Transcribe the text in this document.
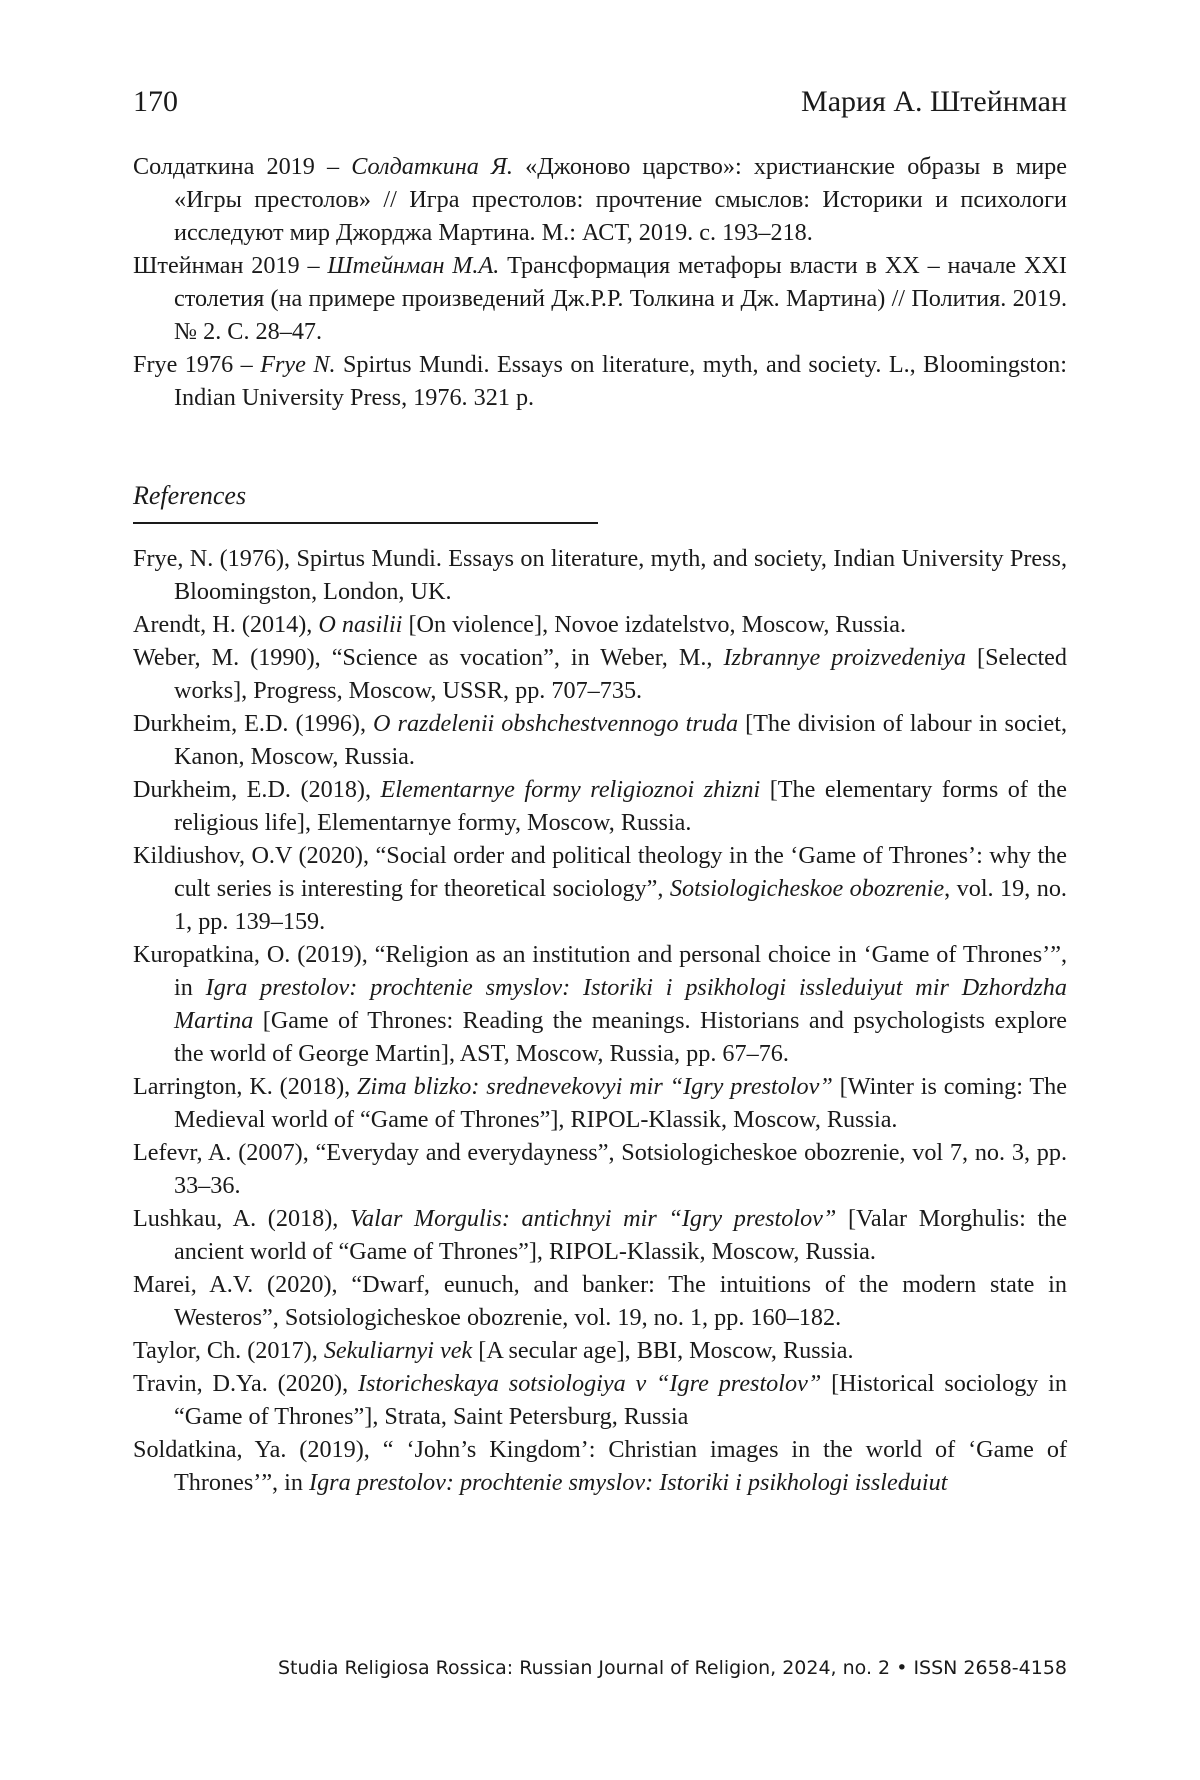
170	Мария А. Штейнман

Солдаткина 2019 – Солдаткина Я. «Джоново царство»: христианские образы в мире «Игры престолов» // Игра престолов: прочтение смыслов: Историки и психологи исследуют мир Джорджа Мартина. М.: АСТ, 2019. с. 193–218.

Штейнман 2019 – Штейнман М.А. Трансформация метафоры власти в XX – начале XXI столетия (на примере произведений Дж.Р.Р. Толкина и Дж. Мартина) // Полития. 2019. № 2. С. 28–47.

Frye 1976 – Frye N. Spirtus Mundi. Essays on literature, myth, and society. L., Bloomingston: Indian University Press, 1976. 321 p.

References

Frye, N. (1976), Spirtus Mundi. Essays on literature, myth, and society, Indian University Press, Bloomingston, London, UK.

Arendt, H. (2014), O nasilii [On violence], Novoe izdatelstvo, Moscow, Russia.

Weber, M. (1990), “Science as vocation”, in Weber, M., Izbrannye proizvedeniya [Selected works], Progress, Moscow, USSR, pp. 707–735.

Durkheim, E.D. (1996), O razdelenii obshchestvennogo truda [The division of labour in societ, Kanon, Moscow, Russia.

Durkheim, E.D. (2018), Elementarnye formy religioznoi zhizni [The elementary forms of the religious life], Elementarnye formy, Moscow, Russia.

Kildiushov, O.V (2020), “Social order and political theology in the ‘Game of Thrones’: why the cult series is interesting for theoretical sociology”, Sotsiologicheskoe obozrenie, vol. 19, no. 1, pp. 139–159.

Kuropatkina, O. (2019), “Religion as an institution and personal choice in ‘Game of Thrones’”, in Igra prestolov: prochtenie smyslov: Istoriki i psikhologi issleduiyut mir Dzhordzha Martina [Game of Thrones: Reading the meanings. Historians and psychologists explore the world of George Martin], AST, Moscow, Russia, pp. 67–76.

Larrington, K. (2018), Zima blizko: srednevekovyi mir “Igry prestolov” [Winter is coming: The Medieval world of “Game of Thrones”], RIPOL-Klassik, Moscow, Russia.

Lefevr, A. (2007), “Everyday and everydayness”, Sotsiologicheskoe obozrenie, vol 7, no. 3, pp. 33–36.

Lushkau, A. (2018), Valar Morgulis: antichnyi mir “Igry prestolov” [Valar Morghulis: the ancient world of “Game of Thrones”], RIPOL-Klassik, Moscow, Russia.

Marei, A.V. (2020), “Dwarf, eunuch, and banker: The intuitions of the modern state in Westeros”, Sotsiologicheskoe obozrenie, vol. 19, no. 1, pp. 160–182.

Taylor, Ch. (2017), Sekuliarnyi vek [A secular age], BBI, Moscow, Russia.

Travin, D.Ya. (2020), Istoricheskaya sotsiologiya v “Igre prestolov” [Historical sociology in “Game of Thrones”], Strata, Saint Petersburg, Russia

Soldatkina, Ya. (2019), “ ‘John’s Kingdom’: Christian images in the world of ‘Game of Thrones’”, in Igra prestolov: prochtenie smyslov: Istoriki i psikhologi issleduiut

Studia Religiosa Rossica: Russian Journal of Religion, 2024, no. 2 • ISSN 2658-4158
